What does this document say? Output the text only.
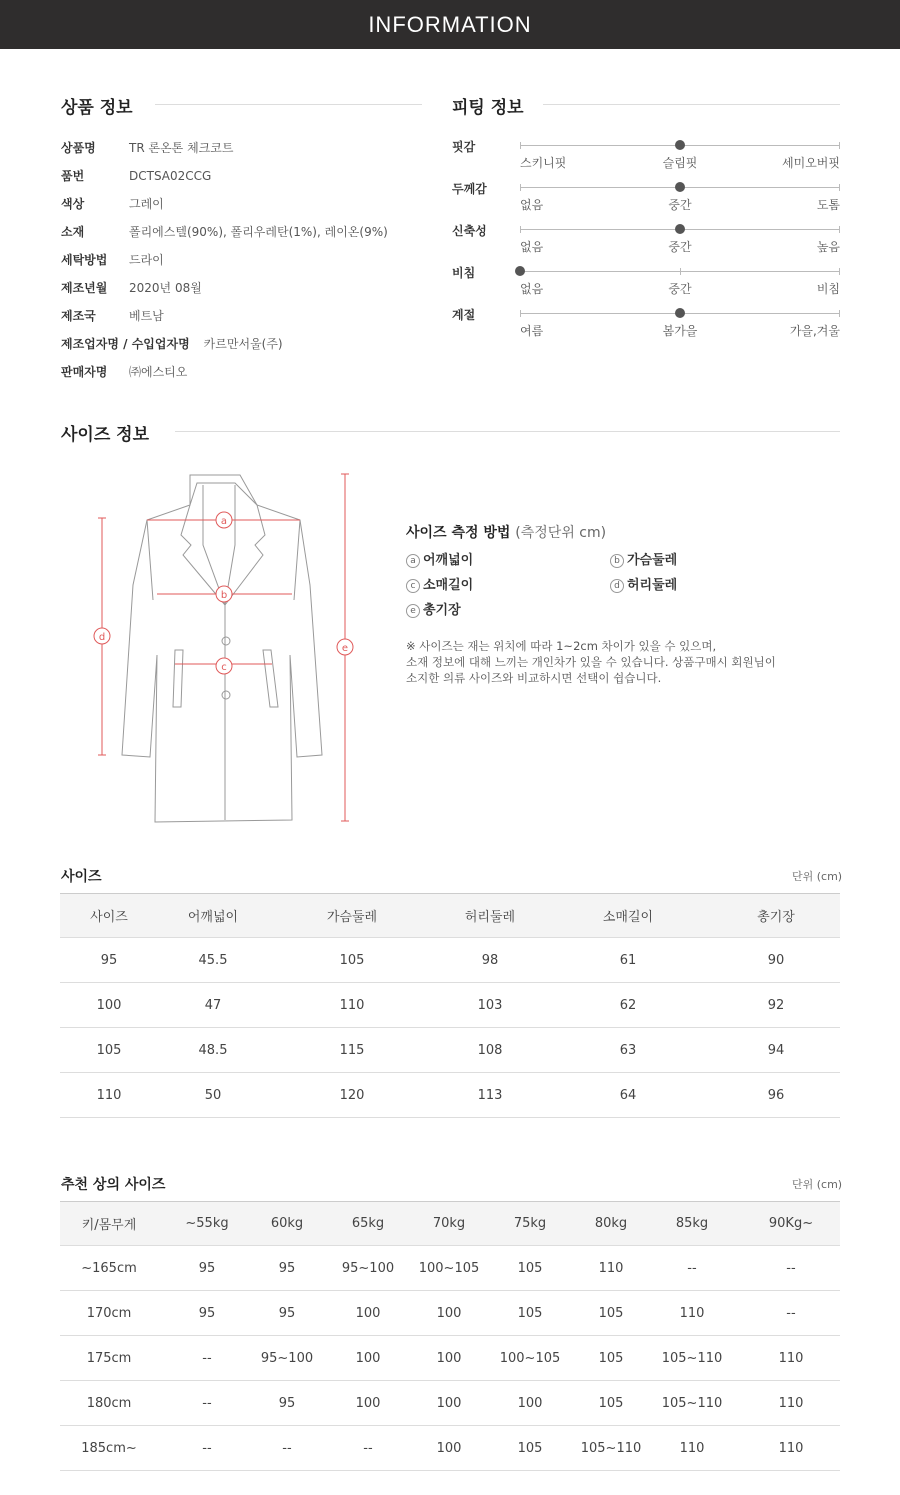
INFORMATION
상품 정보
상품명	TR 론온톤 체크코트
품번	DCTSA02CCG
색상	그레이
소재	폴리에스텔(90%), 폴리우레탄(1%), 레이온(9%)
세탁방법 드라이
제조년월 2020년 08월
제조국	베트남
제조업자명 / 수입업자명 카르만서울(주)
판매자명 ㈜에스티오
피팅 정보
핏감
스키니핏	슬림핏	세미오버핏
두께감
없음	중간	도톰
신축성
없음	중간	높음
비침
없음	중간	비침
계절
여름	봄가을	가을,겨울
사이즈 정보
a
b
c
d
e
사이즈 측정 방법 (측정단위 cm)
a 어깨넓이	b 가슴둘레
c 소매길이	d 허리둘레
e 총기장
※ 사이즈는 재는 위치에 따라 1~2cm 차이가 있을 수 있으며,
소재 정보에 대해 느끼는 개인차가 있을 수 있습니다. 상품구매시 회원님이
소지한 의류 사이즈와 비교하시면 선택이 쉽습니다.
사이즈	단위 (cm)
사이즈	어깨넓이	가슴둘레	허리둘레	소매길이	총기장
95	45.5	105	98	61	90
100	47	110	103	62	92
105	48.5	115	108	63	94
110	50	120	113	64	96
추천 상의 사이즈	단위 (cm)
키/몸무게	~55kg	60kg	65kg	70kg	75kg	80kg	85kg	90Kg~
~165cm	95	95	95~100	100~105	105	110	--	--
170cm	95	95	100	100	105	105	110	--
175cm	--	95~100	100	100	100~105	105	105~110	110
180cm	--	95	100	100	100	105	105~110	110
185cm~	--	--	--	100	105	105~110	110	110
